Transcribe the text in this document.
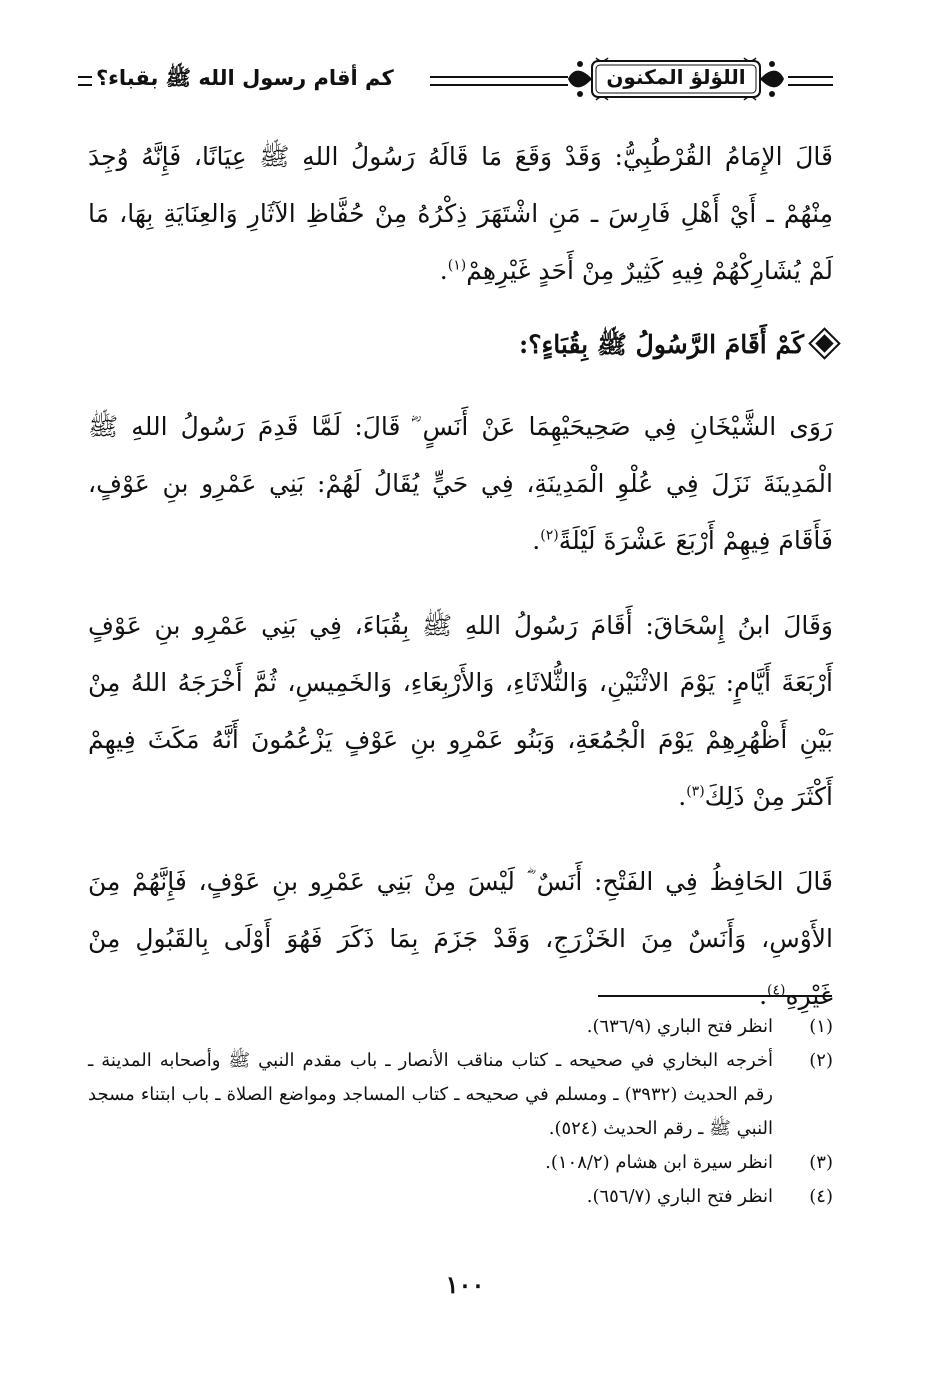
كم أقام رسول الله ﷺ بقباء؟	اللؤلؤ المكنون

قَالَ الإِمَامُ القُرْطُبِيُّ: وَقَدْ وَقَعَ مَا قَالَهُ رَسُولُ اللهِ ﷺ عِيَانًا، فَإِنَّهُ وُجِدَ مِنْهُمْ ـ أَيْ أَهْلِ فَارِسَ ـ مَنِ اشْتَهَرَ ذِكْرُهُ مِنْ حُفَّاظِ الآثَارِ وَالعِنَايَةِ بِهَا، مَا لَمْ يُشَارِكْهُمْ فِيهِ كَثِيرٌ مِنْ أَحَدٍ غَيْرِهِمْ$^{(١)}$.

كَمْ أَقَامَ الرَّسُولُ ﷺ بِقُبَاءٍ؟:

رَوَى الشَّيْخَانِ فِي صَحِيحَيْهِمَا عَنْ أَنَسٍ ؓ قَالَ: لَمَّا قَدِمَ رَسُولُ اللهِ ﷺ الْمَدِينَةَ نَزَلَ فِي عُلْوِ الْمَدِينَةِ، فِي حَيٍّ يُقَالُ لَهُمْ: بَنِي عَمْرِو بنِ عَوْفٍ، فَأَقَامَ فِيهِمْ أَرْبَعَ عَشْرَةَ لَيْلَةً$^{(٢)}$.

وَقَالَ ابنُ إِسْحَاقَ: أَقَامَ رَسُولُ اللهِ ﷺ بِقُبَاءَ، فِي بَنِي عَمْرِو بنِ عَوْفٍ أَرْبَعَةَ أَيَّامٍ: يَوْمَ الاثْنَيْنِ، وَالثُّلاثَاءِ، وَالأَرْبِعَاءِ، وَالخَمِيسِ، ثُمَّ أَخْرَجَهُ اللهُ مِنْ بَيْنِ أَظْهُرِهِمْ يَوْمَ الْجُمُعَةِ، وَبَنُو عَمْرِو بنِ عَوْفٍ يَزْعُمُونَ أَنَّهُ مَكَثَ فِيهِمْ أَكْثَرَ مِنْ ذَلِكَ$^{(٣)}$.

قَالَ الحَافِظُ فِي الفَتْحِ: أَنَسٌ ؓ لَيْسَ مِنْ بَنِي عَمْرِو بنِ عَوْفٍ، فَإِنَّهُمْ مِنَ الأَوْسِ، وَأَنَسٌ مِنَ الخَزْرَجِ، وَقَدْ جَزَمَ بِمَا ذَكَرَ فَهُوَ أَوْلَى بِالقَبُولِ مِنْ غَيْرِهِ$^{(٤)}$.

(١)
انظر فتح الباري (٦٣٦/٩).
(٢)
أخرجه البخاري في صحيحه ـ كتاب مناقب الأنصار ـ باب مقدم النبي ﷺ وأصحابه المدينة ـ رقم الحديث (٣٩٣٢) ـ ومسلم في صحيحه ـ كتاب المساجد ومواضع الصلاة ـ باب ابتناء مسجد النبي ﷺ ـ رقم الحديث (٥٢٤).
(٣)
انظر سيرة ابن هشام (١٠٨/٢).
(٤)
انظر فتح الباري (٦٥٦/٧).
١٠٠
